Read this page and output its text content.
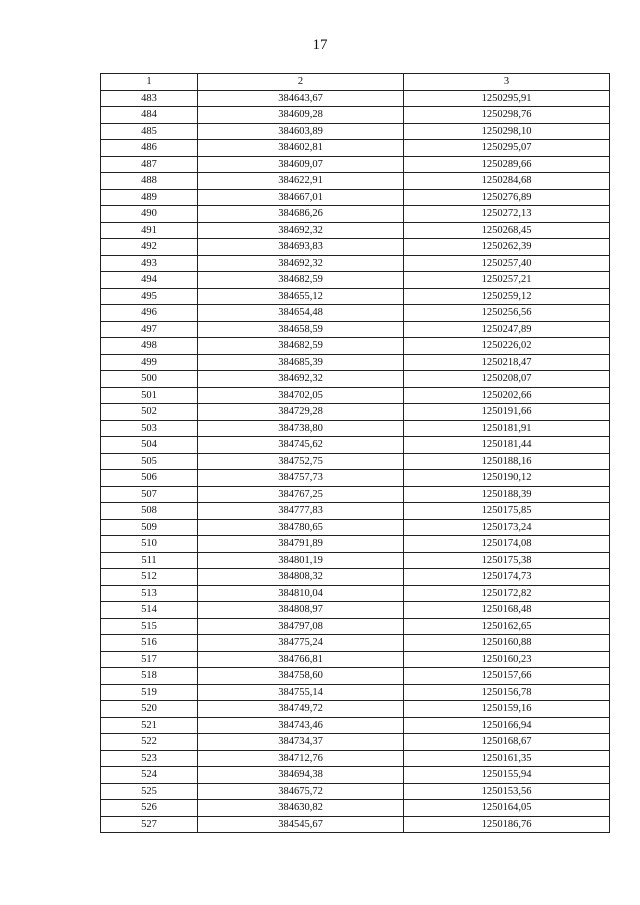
17
1	2	3
483	384643,67	1250295,91
484	384609,28	1250298,76
485	384603,89	1250298,10
486	384602,81	1250295,07
487	384609,07	1250289,66
488	384622,91	1250284,68
489	384667,01	1250276,89
490	384686,26	1250272,13
491	384692,32	1250268,45
492	384693,83	1250262,39
493	384692,32	1250257,40
494	384682,59	1250257,21
495	384655,12	1250259,12
496	384654,48	1250256,56
497	384658,59	1250247,89
498	384682,59	1250226,02
499	384685,39	1250218,47
500	384692,32	1250208,07
501	384702,05	1250202,66
502	384729,28	1250191,66
503	384738,80	1250181,91
504	384745,62	1250181,44
505	384752,75	1250188,16
506	384757,73	1250190,12
507	384767,25	1250188,39
508	384777,83	1250175,85
509	384780,65	1250173,24
510	384791,89	1250174,08
511	384801,19	1250175,38
512	384808,32	1250174,73
513	384810,04	1250172,82
514	384808,97	1250168,48
515	384797,08	1250162,65
516	384775,24	1250160,88
517	384766,81	1250160,23
518	384758,60	1250157,66
519	384755,14	1250156,78
520	384749,72	1250159,16
521	384743,46	1250166,94
522	384734,37	1250168,67
523	384712,76	1250161,35
524	384694,38	1250155,94
525	384675,72	1250153,56
526	384630,82	1250164,05
527	384545,67	1250186,76
